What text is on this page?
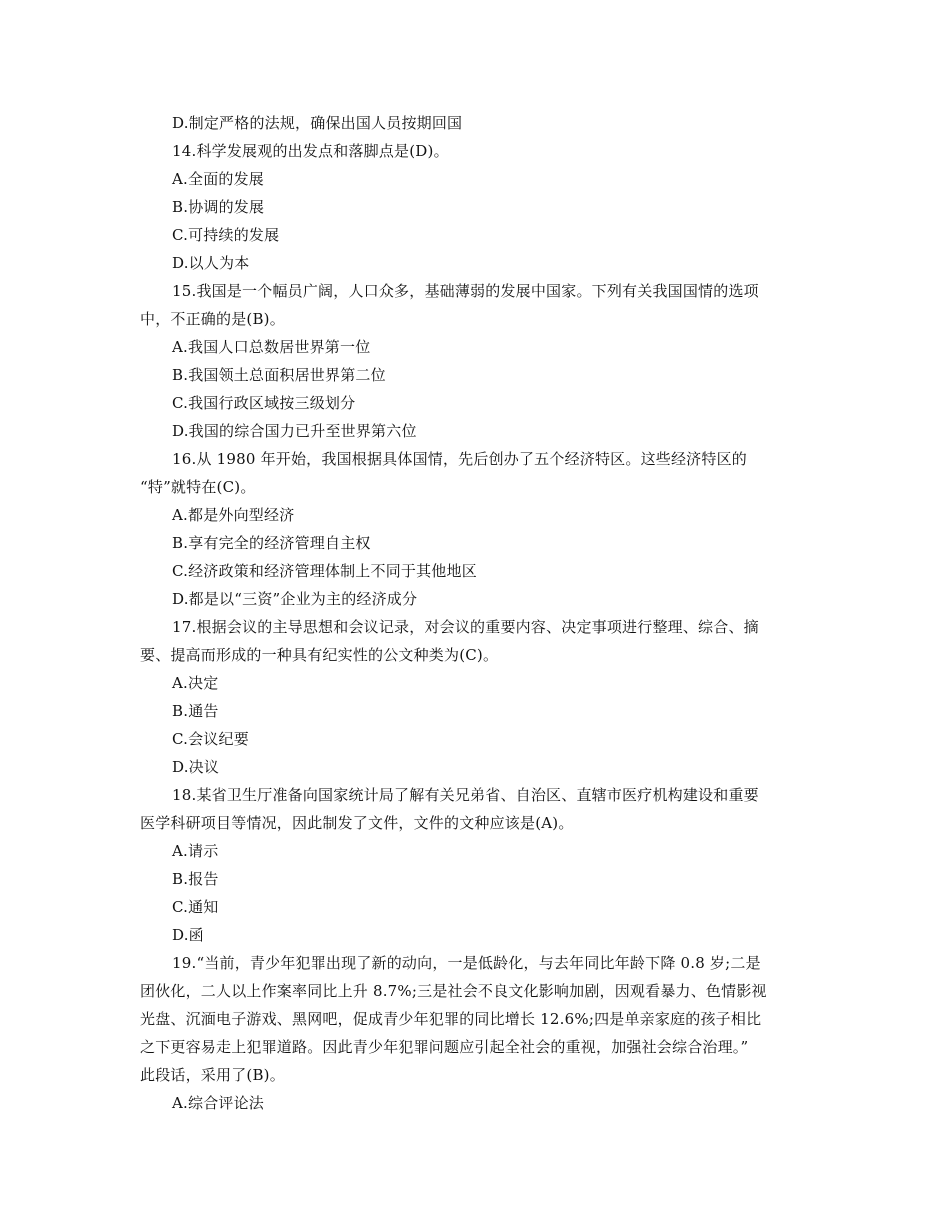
D.制定严格的法规，确保出国人员按期回国
14.科学发展观的出发点和落脚点是(D)。
A.全面的发展
B.协调的发展
C.可持续的发展
D.以人为本
15.我国是一个幅员广阔，人口众多，基础薄弱的发展中国家。下列有关我国国情的选项
中，不正确的是(B)。
A.我国人口总数居世界第一位
B.我国领土总面积居世界第二位
C.我国行政区域按三级划分
D.我国的综合国力已升至世界第六位
16.从 1980 年开始，我国根据具体国情，先后创办了五个经济特区。这些经济特区的
“特”就特在(C)。
A.都是外向型经济
B.享有完全的经济管理自主权
C.经济政策和经济管理体制上不同于其他地区
D.都是以“三资”企业为主的经济成分
17.根据会议的主导思想和会议记录，对会议的重要内容、决定事项进行整理、综合、摘
要、提高而形成的一种具有纪实性的公文种类为(C)。
A.决定
B.通告
C.会议纪要
D.决议
18.某省卫生厅准备向国家统计局了解有关兄弟省、自治区、直辖市医疗机构建设和重要
医学科研项目等情况，因此制发了文件，文件的文种应该是(A)。
A.请示
B.报告
C.通知
D.函
19.“当前，青少年犯罪出现了新的动向，一是低龄化，与去年同比年龄下降 0.8 岁;二是
团伙化，二人以上作案率同比上升 8.7%;三是社会不良文化影响加剧，因观看暴力、色情影视
光盘、沉湎电子游戏、黑网吧，促成青少年犯罪的同比增长 12.6%;四是单亲家庭的孩子相比
之下更容易走上犯罪道路。因此青少年犯罪问题应引起全社会的重视，加强社会综合治理。”
此段话，采用了(B)。
A.综合评论法
